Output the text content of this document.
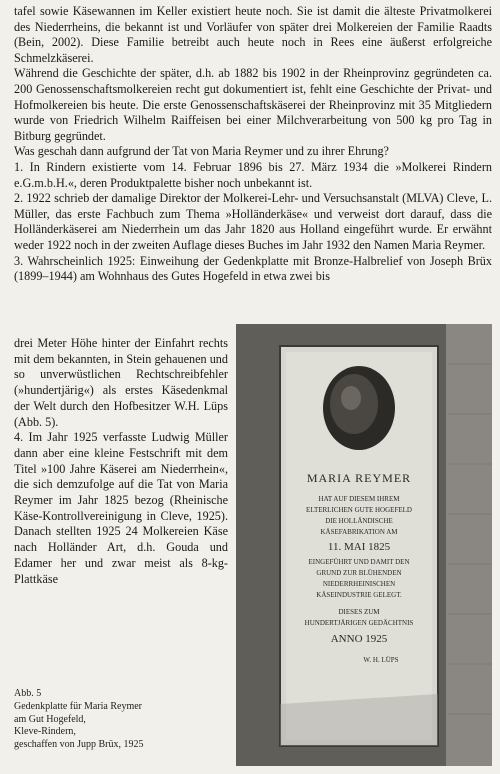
tafel sowie Käsewannen im Keller existiert heute noch. Sie ist damit die älteste Privatmolkerei des Niederrheins, die bekannt ist und Vorläufer von später drei Molkereien der Familie Raadts (Bein, 2002). Diese Familie betreibt auch heute noch in Rees eine äußerst erfolgreiche Schmelzkäserei.

Während die Geschichte der später, d.h. ab 1882 bis 1902 in der Rheinprovinz gegründeten ca. 200 Genossenschaftsmolkereien recht gut dokumentiert ist, fehlt eine Geschichte der Privat- und Hofmolkereien bis heute. Die erste Genossenschaftskäserei der Rheinprovinz mit 35 Mitgliedern wurde von Friedrich Wilhelm Raiffeisen bei einer Milchverarbeitung von 500 kg pro Tag in Bitburg gegründet.

Was geschah dann aufgrund der Tat von Maria Reymer und zu ihrer Ehrung?

1. In Rindern existierte vom 14. Februar 1896 bis 27. März 1934 die »Molkerei Rindern e.G.m.b.H.«, deren Produktpalette bisher noch unbekannt ist.

2. 1922 schrieb der damalige Direktor der Molkerei-Lehr- und Versuchsanstalt (MLVA) Cleve, L. Müller, das erste Fachbuch zum Thema »Holländerkäse« und verweist dort darauf, dass die Holländerkäserei am Niederrhein um das Jahr 1820 aus Holland eingeführt wurde. Er erwähnt weder 1922 noch in der zweiten Auflage dieses Buches im Jahr 1932 den Namen Maria Reymer.

3. Wahrscheinlich 1925: Einweihung der Gedenkplatte mit Bronze-Halbrelief von Joseph Brüx (1899–1944) am Wohnhaus des Gutes Hogefeld in etwa zwei bis

drei Meter Höhe hinter der Einfahrt rechts mit dem bekannten, in Stein gehauenen und so unverwüstlichen Rechtschreibfehler (»hundertjärig«) als erstes Käsedenkmal der Welt durch den Hofbesitzer W.H. Lüps (Abb. 5).

4. Im Jahr 1925 verfasste Ludwig Müller dann aber eine kleine Festschrift mit dem Titel »100 Jahre Käserei am Niederrhein«, die sich demzufolge auf die Tat von Maria Reymer im Jahr 1825 bezog (Rheinische Käse-Kontrollvereinigung in Cleve, 1925). Danach stellten 1925 24 Molkereien Käse nach Holländer Art, d.h. Gouda und Edamer her und zwar meist als 8-kg-Plattkäse

Abb. 5
Gedenkplatte für Maria Reymer
am Gut Hogefeld,
Kleve-Rindern,
geschaffen von Jupp Brüx, 1925
MARIA REYMER
HAT AUF DIESEM IHREM
ELTERLICHEN GUTE HOGEFELD
DIE HOLLÄNDISCHE
KÄSEFABRIKATION AM
11. MAI 1825
EINGEFÜHRT UND DAMIT DEN
GRUND ZUR BLÜHENDEN
NIEDERRHEINISCHEN
KÄSEINDUSTRIE GELEGT.
DIESES ZUM
HUNDERTJÄRIGEN GEDÄCHTNIS
ANNO 1925
W. H. LÜPS
